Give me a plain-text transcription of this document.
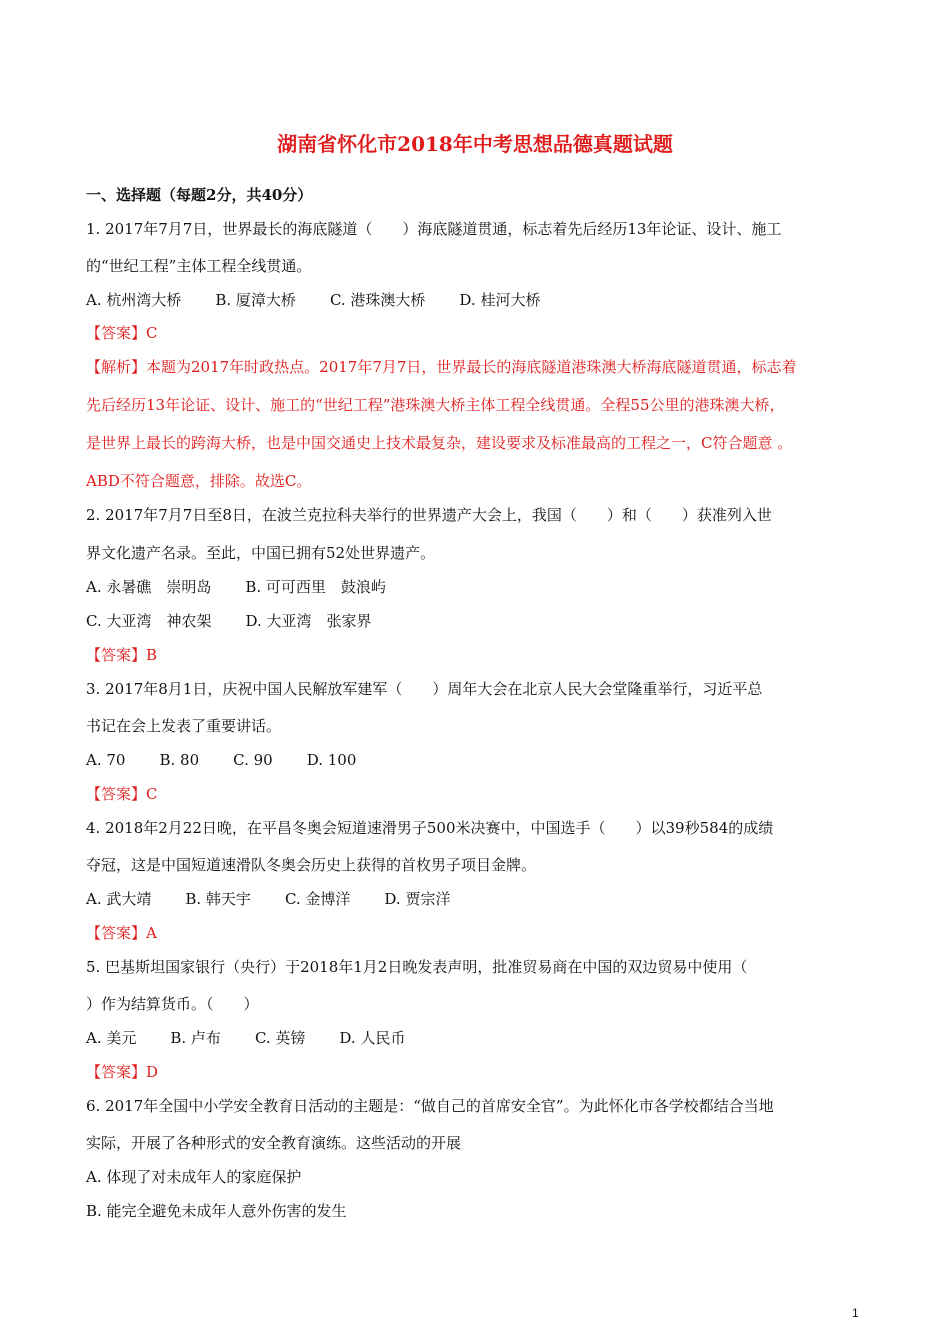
湖南省怀化市2018年中考思想品德真题试题
一、选择题（每题2分，共40分）
1. 2017年7月7日，世界最长的海底隧道（　　）海底隧道贯通，标志着先后经历13年论证、设计、施工
的“世纪工程”主体工程全线贯通。
A. 杭州湾大桥 B. 厦漳大桥 C. 港珠澳大桥 D. 桂河大桥
【答案】C
【解析】本题为2017年时政热点。2017年7月7日，世界最长的海底隧道港珠澳大桥海底隧道贯通，标志着
先后经历13年论证、设计、施工的“世纪工程”港珠澳大桥主体工程全线贯通。全程55公里的港珠澳大桥，
是世界上最长的跨海大桥，也是中国交通史上技术最复杂，建设要求及标准最高的工程之一，C符合题意 。
ABD不符合题意，排除。故选C。
2. 2017年7月7日至8日，在波兰克拉科夫举行的世界遗产大会上，我国（　　）和（　　）获准列入世
界文化遗产名录。至此，中国已拥有52处世界遗产。
A. 永暑礁　崇明岛 B. 可可西里　鼓浪屿
C. 大亚湾　神农架 D. 大亚湾　张家界
【答案】B
3. 2017年8月1日，庆祝中国人民解放军建军（　　）周年大会在北京人民大会堂隆重举行，习近平总
书记在会上发表了重要讲话。
A. 70 B. 80 C. 90 D. 100
【答案】C
4. 2018年2月22日晚，在平昌冬奥会短道速滑男子500米决赛中，中国选手（　　）以39秒584的成绩
夺冠，这是中国短道速滑队冬奥会历史上获得的首枚男子项目金牌。
A. 武大靖 B. 韩天宇 C. 金博洋 D. 贾宗洋
【答案】A
5. 巴基斯坦国家银行（央行）于2018年1月2日晚发表声明，批准贸易商在中国的双边贸易中使用（
）作为结算货币。（　　）
A. 美元 B. 卢布 C. 英镑 D. 人民币
【答案】D
6. 2017年全国中小学安全教育日活动的主题是：“做自己的首席安全官”。为此怀化市各学校都结合当地
实际，开展了各种形式的安全教育演练。这些活动的开展
A. 体现了对未成年人的家庭保护
B. 能完全避免未成年人意外伤害的发生
1
